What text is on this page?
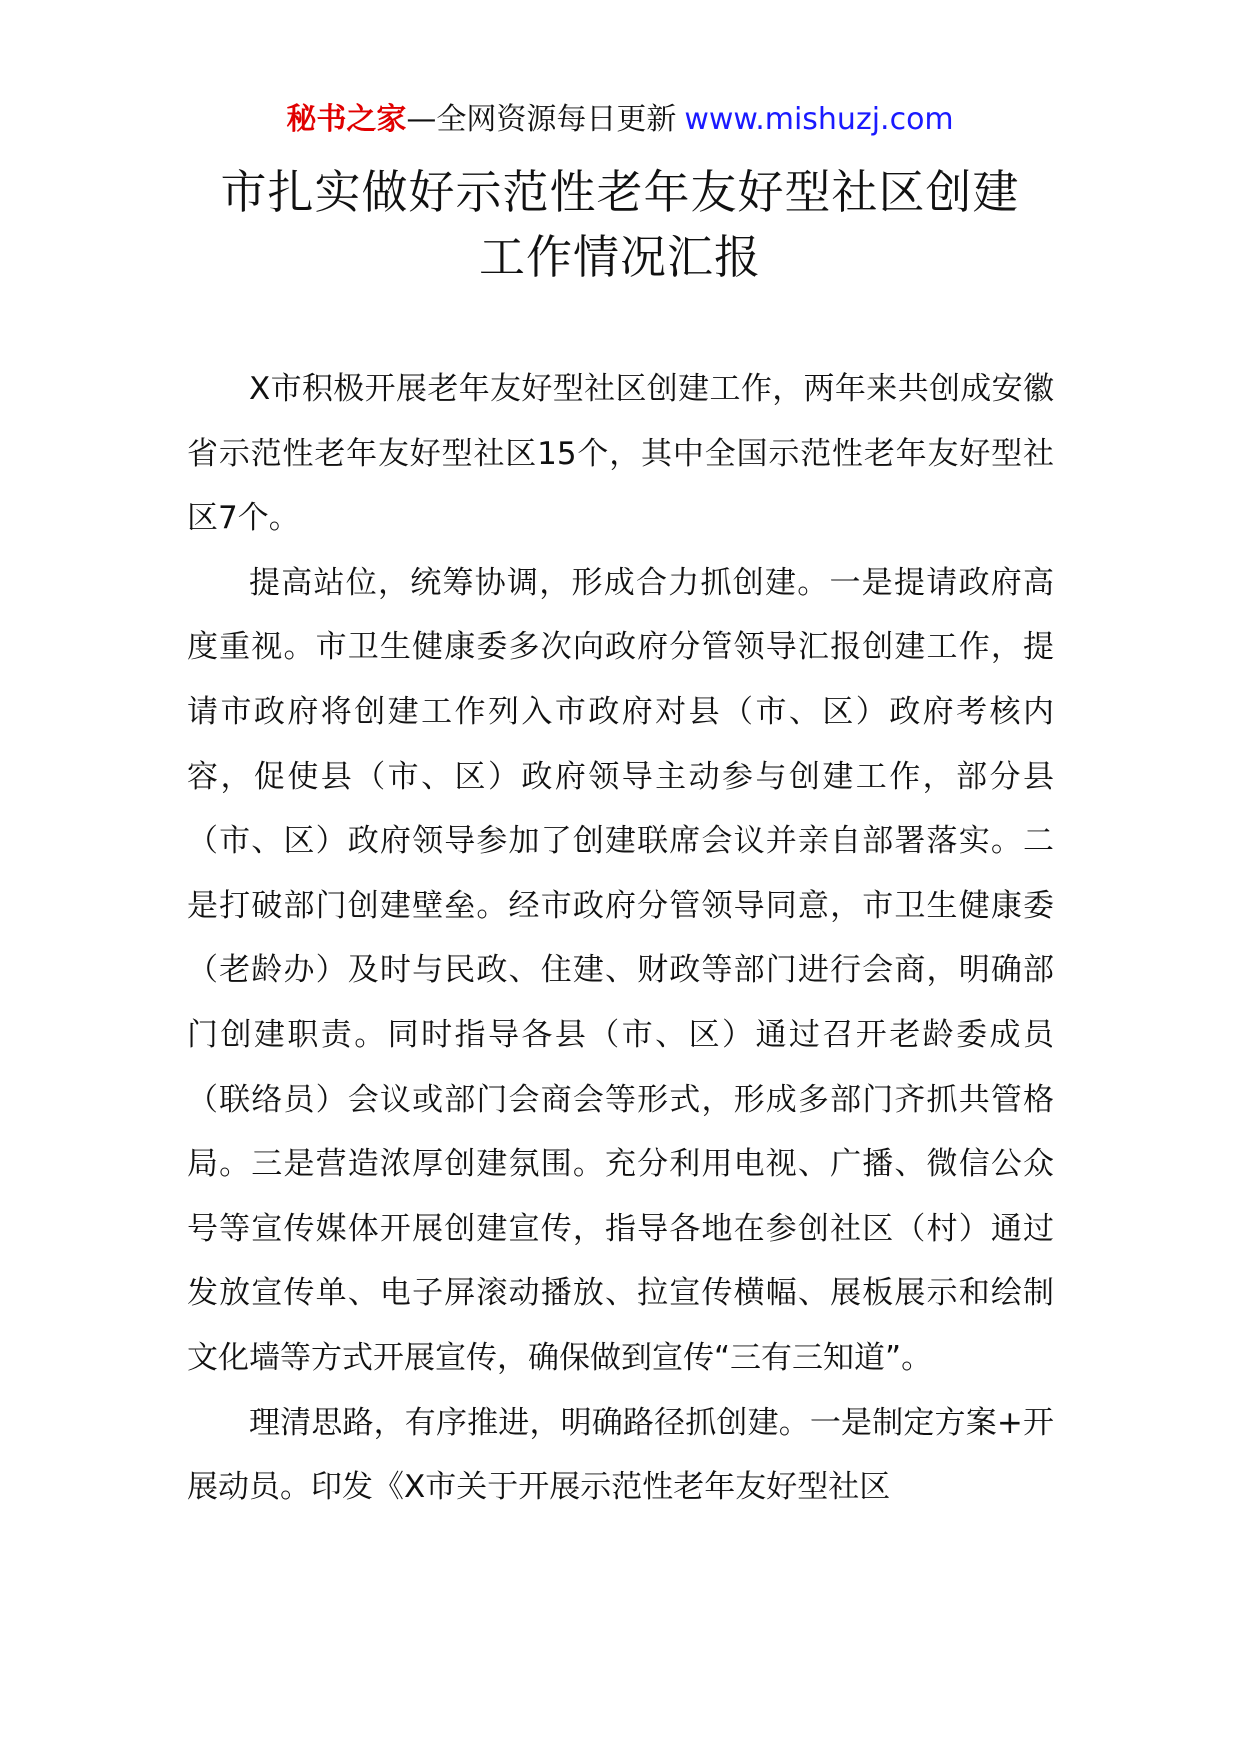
秘书之家—全网资源每日更新 www.mishuzj.com
市扎实做好示范性老年友好型社区创建
工作情况汇报

X市积极开展老年友好型社区创建工作，两年来共创成安徽省示范性老年友好型社区15个，其中全国示范性老年友好型社区7个。

提高站位，统筹协调，形成合力抓创建。一是提请政府高度重视。市卫生健康委多次向政府分管领导汇报创建工作，提请市政府将创建工作列入市政府对县（市、区）政府考核内容，促使县（市、区）政府领导主动参与创建工作，部分县（市、区）政府领导参加了创建联席会议并亲自部署落实。二是打破部门创建壁垒。经市政府分管领导同意，市卫生健康委（老龄办）及时与民政、住建、财政等部门进行会商，明确部门创建职责。同时指导各县（市、区）通过召开老龄委成员（联络员）会议或部门会商会等形式，形成多部门齐抓共管格局。三是营造浓厚创建氛围。充分利用电视、广播、微信公众号等宣传媒体开展创建宣传，指导各地在参创社区（村）通过发放宣传单、电子屏滚动播放、拉宣传横幅、展板展示和绘制文化墙等方式开展宣传，确保做到宣传“三有三知道”。

理清思路，有序推进，明确路径抓创建。一是制定方案+开展动员。印发《X市关于开展示范性老年友好型社区
